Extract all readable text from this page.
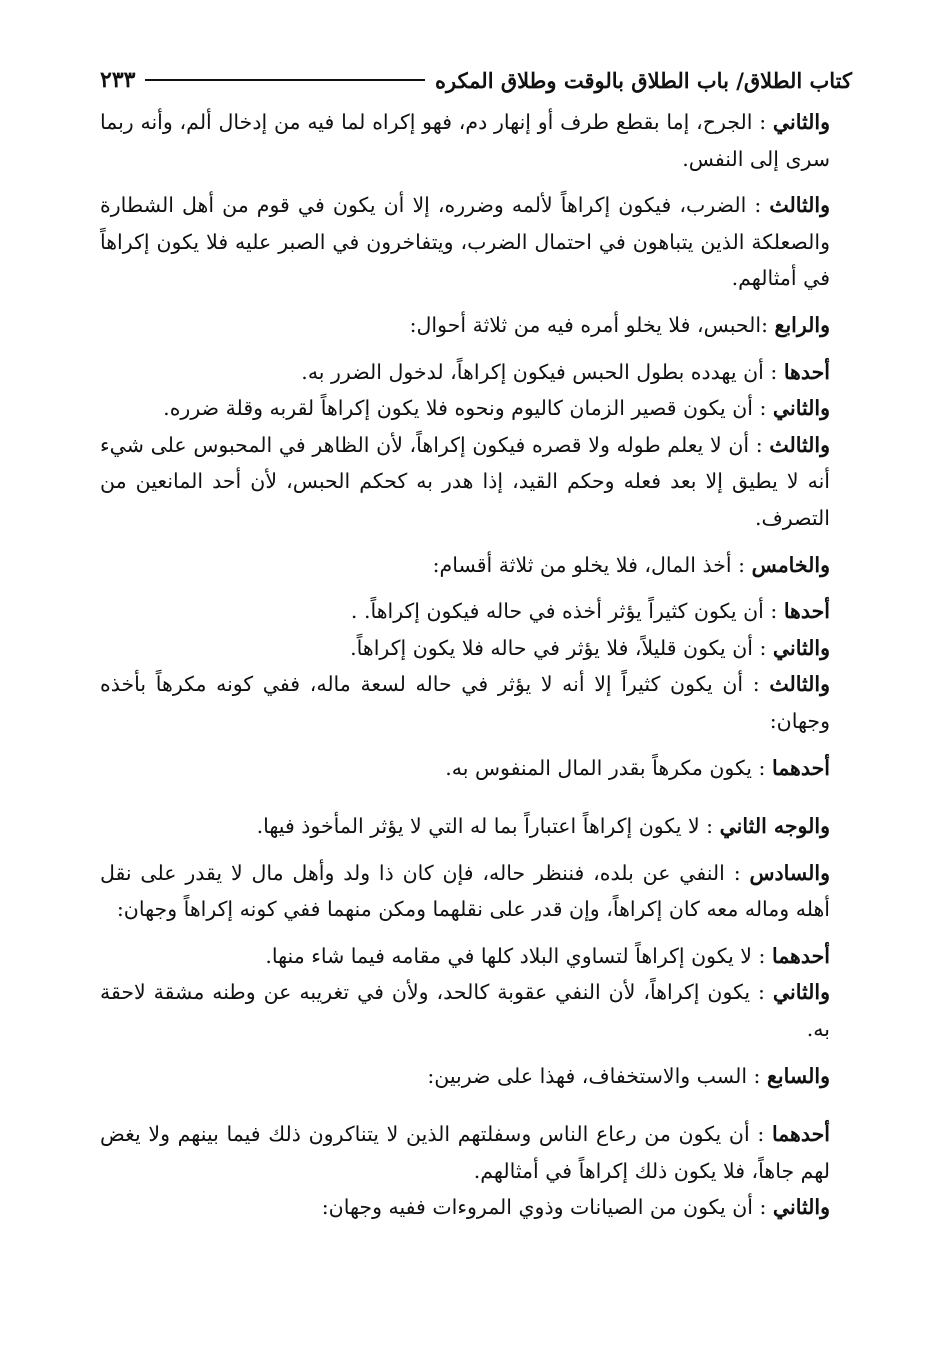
كتاب الطلاق/ باب الطلاق بالوقت وطلاق المكره
٢٣٣

والثاني : الجرح، إما بقطع طرف أو إنهار دم، فهو إكراه لما فيه من إدخال ألم، وأنه ربما سرى إلى النفس.

والثالث : الضرب، فيكون إكراهاً لألمه وضرره، إلا أن يكون في قوم من أهل الشطارة والصعلكة الذين يتباهون في احتمال الضرب، ويتفاخرون في الصبر عليه فلا يكون إكراهاً في أمثالهم.

والرابع :الحبس، فلا يخلو أمره فيه من ثلاثة أحوال:

أحدها : أن يهدده بطول الحبس فيكون إكراهاً، لدخول الضرر به.

والثاني : أن يكون قصير الزمان كاليوم ونحوه فلا يكون إكراهاً لقربه وقلة ضرره.

والثالث : أن لا يعلم طوله ولا قصره فيكون إكراهاً، لأن الظاهر في المحبوس على شيء أنه لا يطيق إلا بعد فعله وحكم القيد، إذا هدر به كحكم الحبس، لأن أحد المانعين من التصرف.

والخامس : أخذ المال، فلا يخلو من ثلاثة أقسام:

أحدها : أن يكون كثيراً يؤثر أخذه في حاله فيكون إكراهاً. .

والثاني : أن يكون قليلاً، فلا يؤثر في حاله فلا يكون إكراهاً.

والثالث : أن يكون كثيراً إلا أنه لا يؤثر في حاله لسعة ماله، ففي كونه مكرهاً بأخذه وجهان:

أحدهما : يكون مكرهاً بقدر المال المنفوس به.

والوجه الثاني : لا يكون إكراهاً اعتباراً بما له التي لا يؤثر المأخوذ فيها.

والسادس : النفي عن بلده، فننظر حاله، فإن كان ذا ولد وأهل مال لا يقدر على نقل أهله وماله معه كان إكراهاً، وإن قدر على نقلهما ومكن منهما ففي كونه إكراهاً وجهان:

أحدهما : لا يكون إكراهاً لتساوي البلاد كلها في مقامه فيما شاء منها.

والثاني : يكون إكراهاً، لأن النفي عقوبة كالحد، ولأن في تغريبه عن وطنه مشقة لاحقة به.

والسابع : السب والاستخفاف، فهذا على ضربين:

أحدهما : أن يكون من رعاع الناس وسفلتهم الذين لا يتناكرون ذلك فيما بينهم ولا يغض لهم جاهاً، فلا يكون ذلك إكراهاً في أمثالهم.

والثاني : أن يكون من الصيانات وذوي المروءات ففيه وجهان:
